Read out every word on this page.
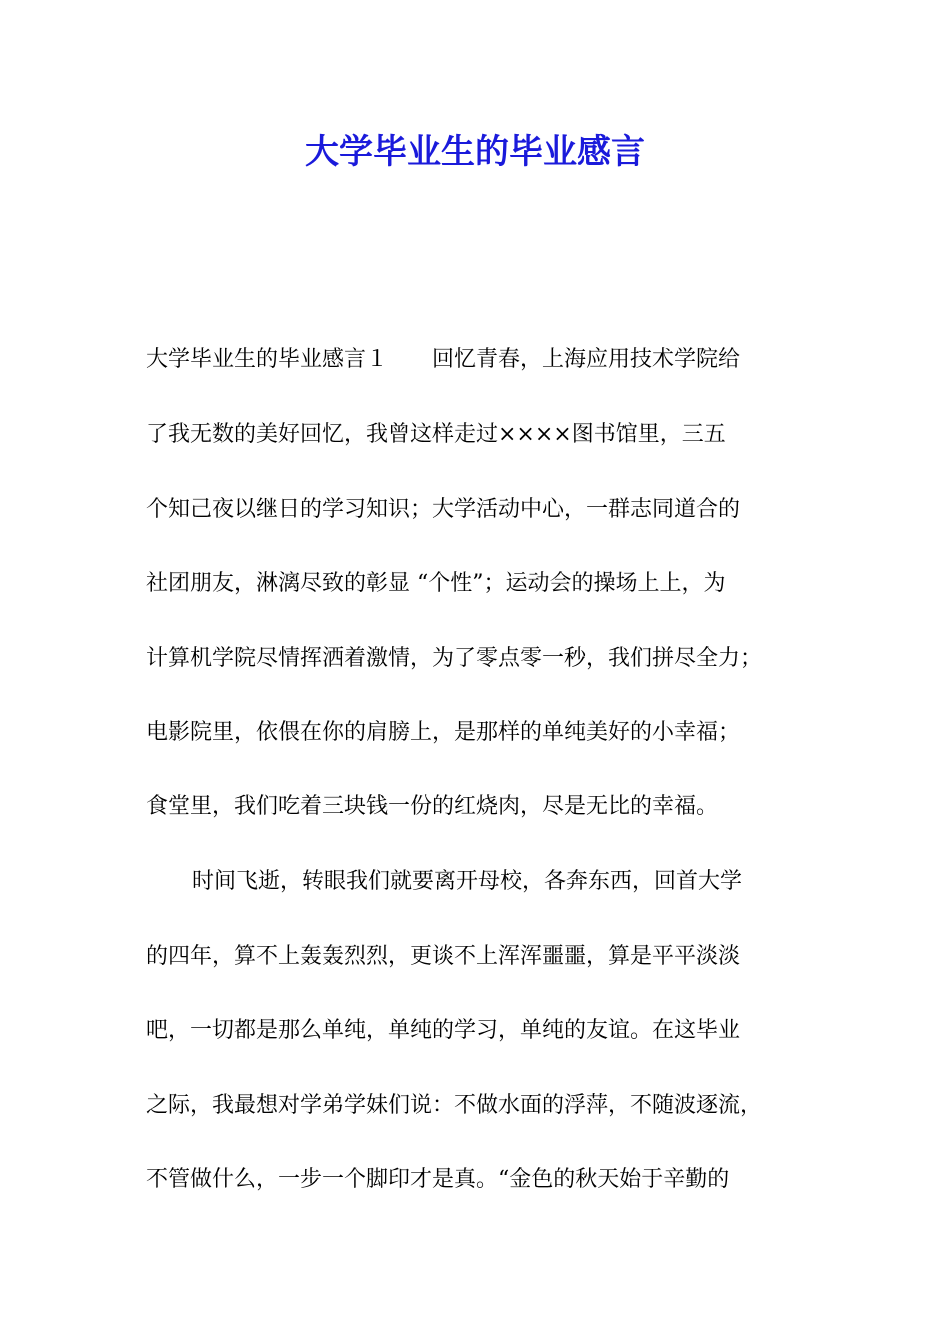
大学毕业生的毕业感言
大学毕业生的毕业感言１　　回忆青春，上海应用技术学院给
了我无数的美好回忆，我曾这样走过××××图书馆里，三五
个知己夜以继日的学习知识；大学活动中心，一群志同道合的
社团朋友，淋漓尽致的彰显 “个性”；运动会的操场上上，为
计算机学院尽情挥洒着激情，为了零点零一秒，我们拼尽全力；
电影院里，依偎在你的肩膀上，是那样的单纯美好的小幸福；
食堂里，我们吃着三块钱一份的红烧肉，尽是无比的幸福。
时间飞逝，转眼我们就要离开母校，各奔东西，回首大学
的四年，算不上轰轰烈烈，更谈不上浑浑噩噩，算是平平淡淡
吧，一切都是那么单纯，单纯的学习，单纯的友谊。在这毕业
之际，我最想对学弟学妹们说：不做水面的浮萍，不随波逐流，
不管做什么，一步一个脚印才是真。“金色的秋天始于辛勤的
